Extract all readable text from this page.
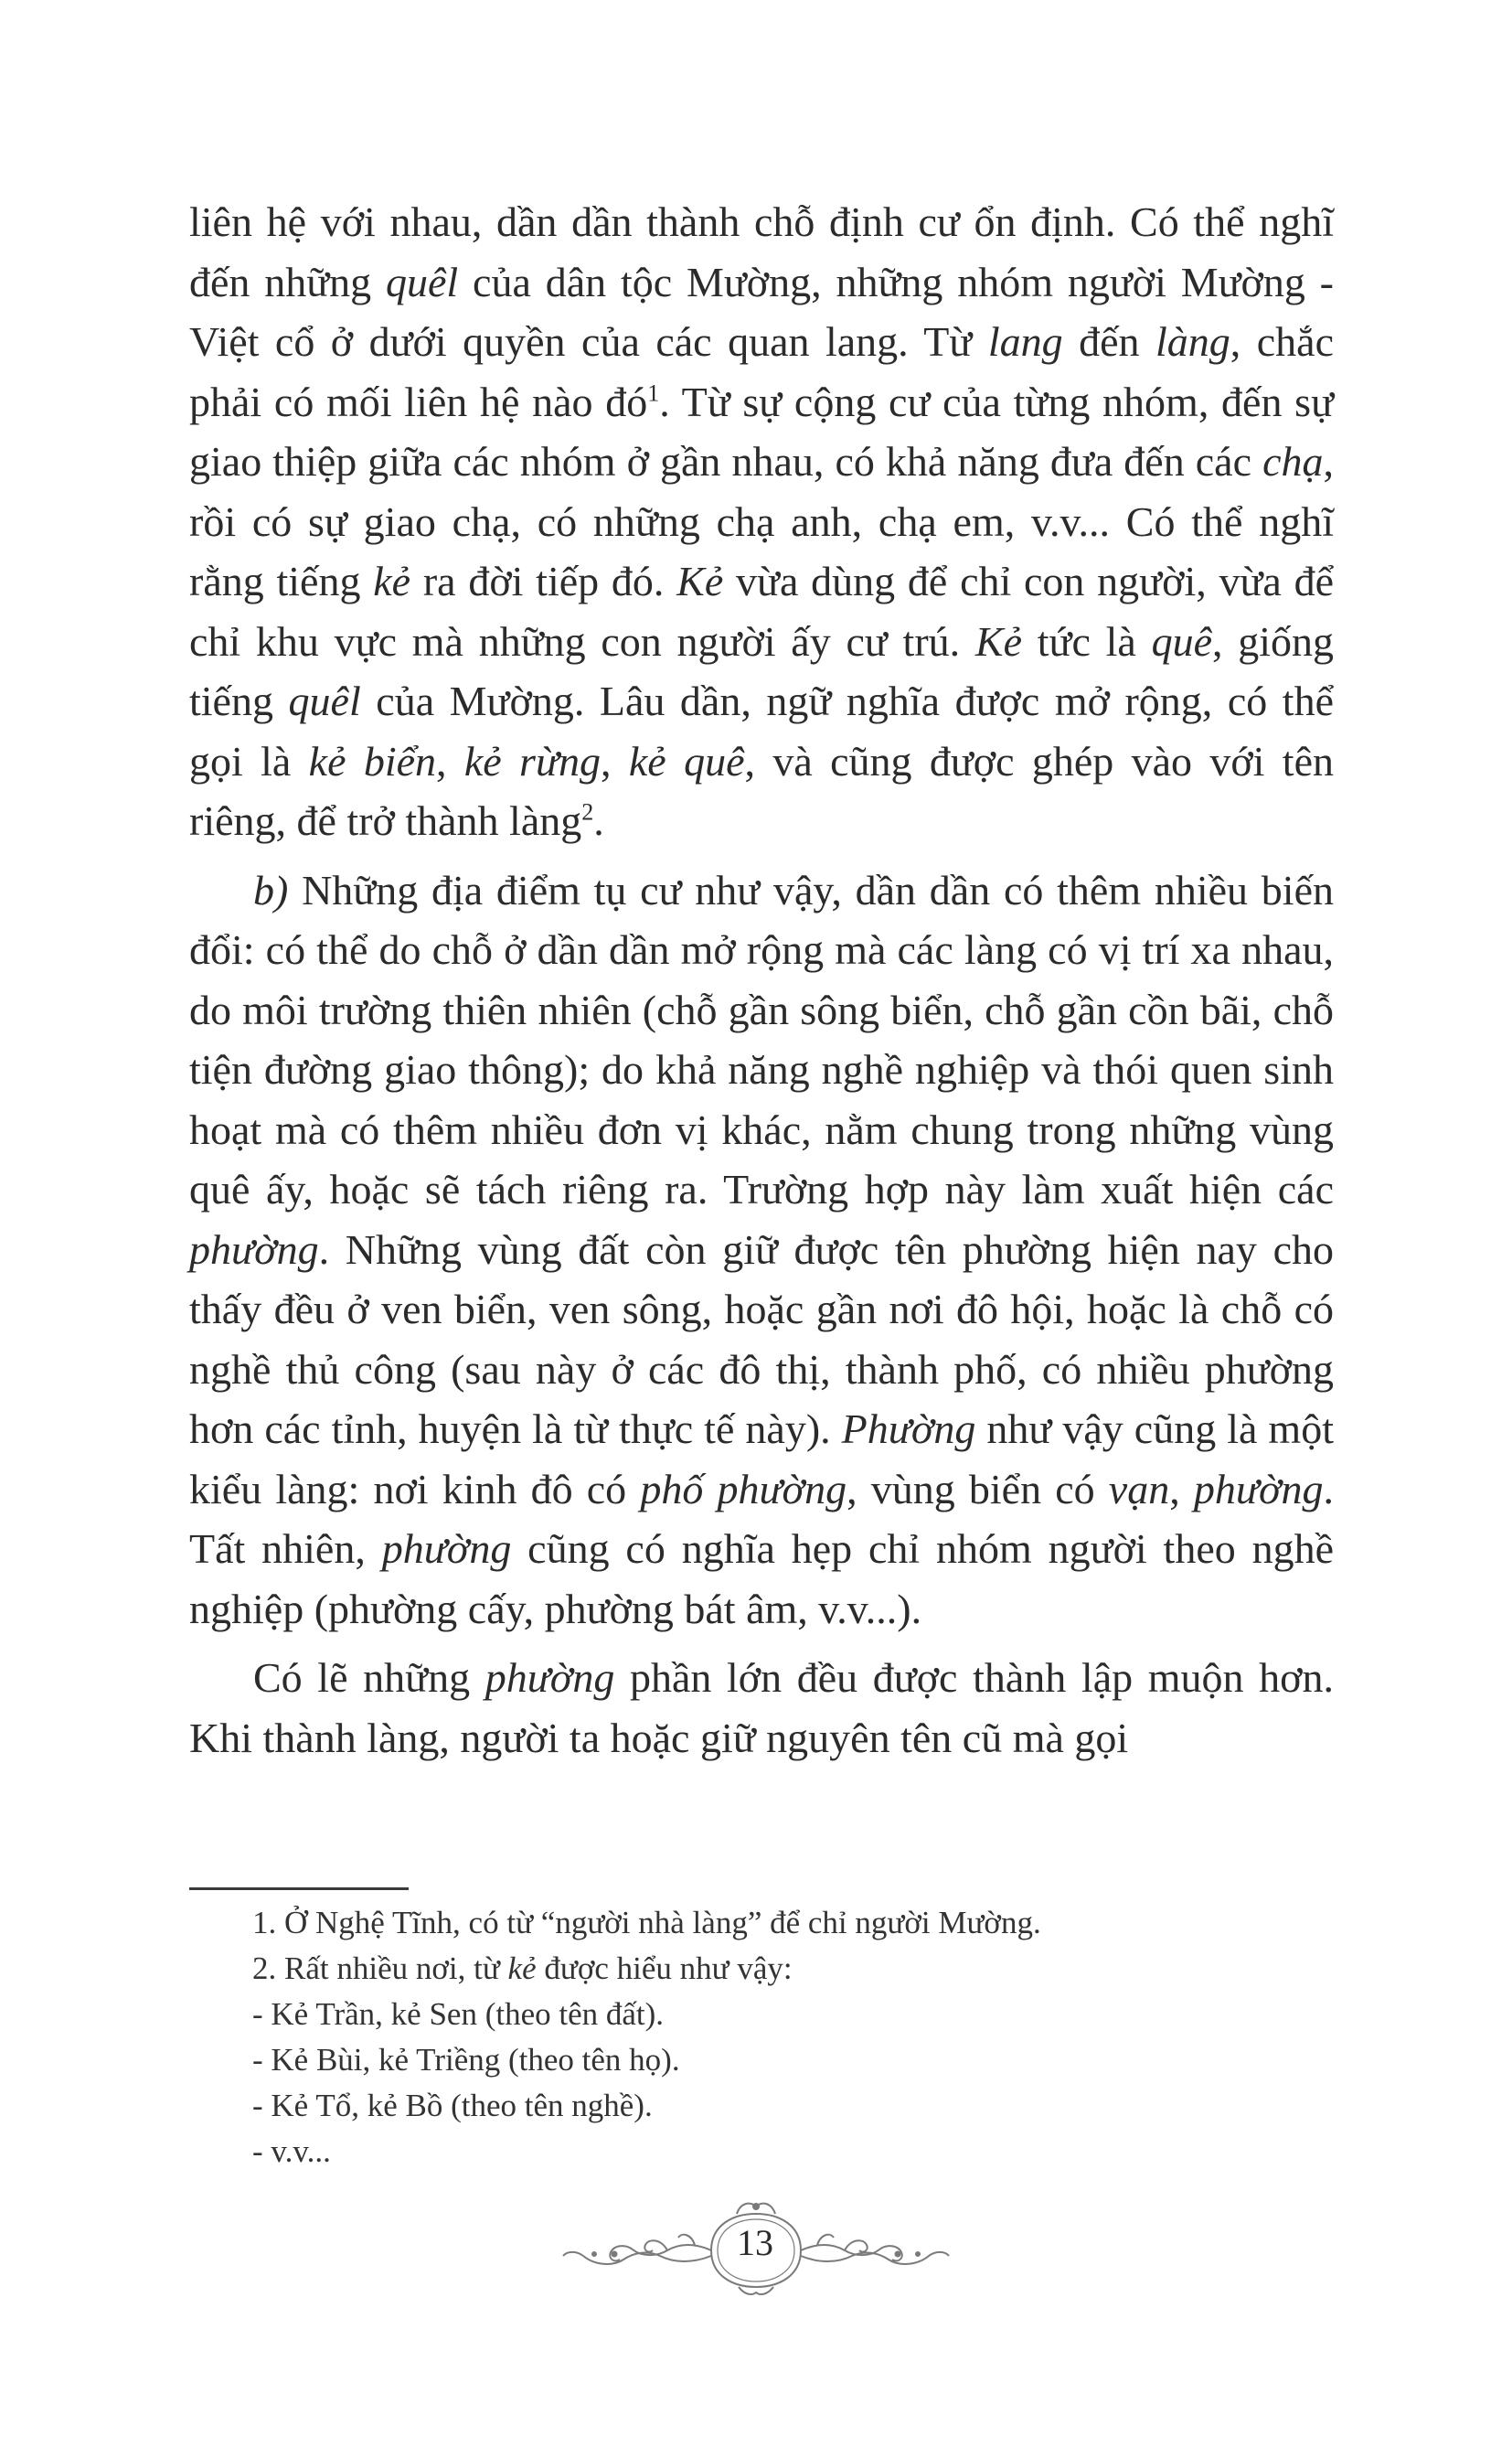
liên hệ với nhau, dần dần thành chỗ định cư ổn định. Có thể nghĩ đến những quêl của dân tộc Mường, những nhóm người Mường - Việt cổ ở dưới quyền của các quan lang. Từ lang đến làng, chắc phải có mối liên hệ nào $đó^1$. Từ sự cộng cư của từng nhóm, đến sự giao thiệp giữa các nhóm ở gần nhau, có khả năng đưa đến các chạ, rồi có sự giao chạ, có những chạ anh, chạ em, v.v... Có thể nghĩ rằng tiếng kẻ ra đời tiếp đó. Kẻ vừa dùng để chỉ con người, vừa để chỉ khu vực mà những con người ấy cư trú. Kẻ tức là quê, giống tiếng quêl của Mường. Lâu dần, ngữ nghĩa được mở rộng, có thể gọi là kẻ biển, kẻ rừng, kẻ quê, và cũng được ghép vào với tên riêng, để trở thành làng$^2$.

b) Những địa điểm tụ cư như vậy, dần dần có thêm nhiều biến đổi: có thể do chỗ ở dần dần mở rộng mà các làng có vị trí xa nhau, do môi trường thiên nhiên (chỗ gần sông biển, chỗ gần cồn bãi, chỗ tiện đường giao thông); do khả năng nghề nghiệp và thói quen sinh hoạt mà có thêm nhiều đơn vị khác, nằm chung trong những vùng quê ấy, hoặc sẽ tách riêng ra. Trường hợp này làm xuất hiện các phường. Những vùng đất còn giữ được tên phường hiện nay cho thấy đều ở ven biển, ven sông, hoặc gần nơi đô hội, hoặc là chỗ có nghề thủ công (sau này ở các đô thị, thành phố, có nhiều phường hơn các tỉnh, huyện là từ thực tế này). Phường như vậy cũng là một kiểu làng: nơi kinh đô có phố phường, vùng biển có vạn, phường. Tất nhiên, phường cũng có nghĩa hẹp chỉ nhóm người theo nghề nghiệp (phường cấy, phường bát âm, v.v...).

Có lẽ những phường phần lớn đều được thành lập muộn hơn. Khi thành làng, người ta hoặc giữ nguyên tên cũ mà gọi

1. Ở Nghệ Tĩnh, có từ “người nhà làng” để chỉ người Mường.

2. Rất nhiều nơi, từ kẻ được hiểu như vậy:

- Kẻ Trần, kẻ Sen (theo tên đất).

- Kẻ Bùi, kẻ Triềng (theo tên họ).

- Kẻ Tổ, kẻ Bồ (theo tên nghề).

- v.v...

13
